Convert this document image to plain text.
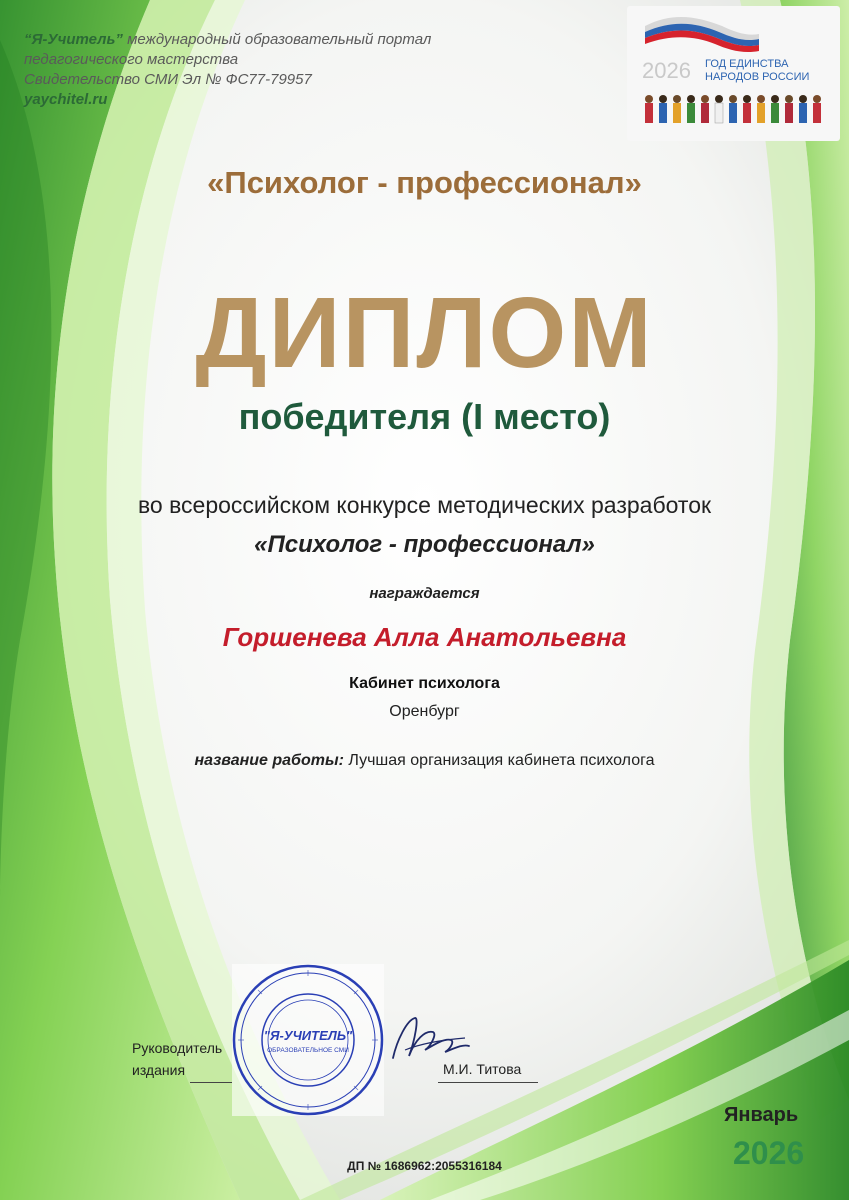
“Я-Учитель” международный образовательный портал
педагогического мастерства
Свидетельство СМИ Эл № ФС77-79957
yaychitel.ru
2026 ГОД ЕДИНСТВА
НАРОДОВ РОССИИ
«Психолог - профессионал»
ДИПЛОМ
победителя (I место)
во всероссийском конкурсе методических разработок
«Психолог - профессионал»
награждается
Горшенева Алла Анатольевна
Кабинет психолога
Оренбург
название работы: Лучшая организация кабинета психолога
Руководитель
издания
"Я-УЧИТЕЛЬ"
ОБРАЗОВАТЕЛЬНОЕ СМИ
М.И. Титова
Январь
2026
ДП № 1686962:2055316184
